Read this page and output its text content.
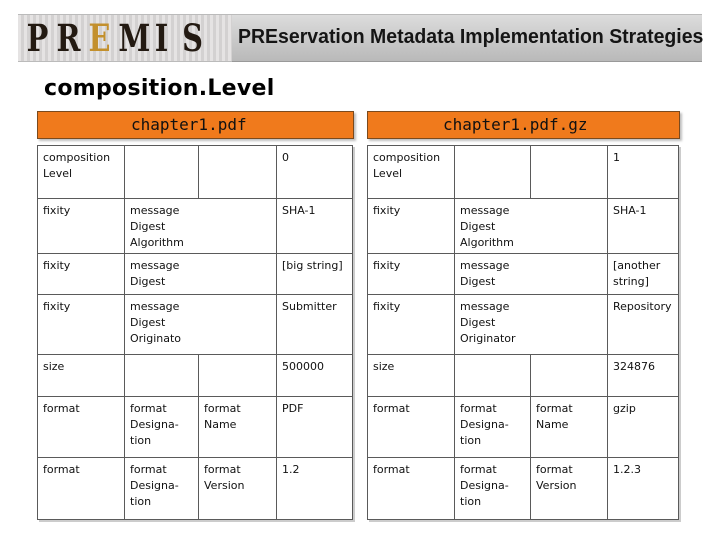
P R E M I S PREservation Metadata Implementation Strategies
composition.Level
chapter1.pdf	chapter1.pdf.gz
composition Level			0
fixity	message Digest Algorithm		SHA-1
fixity	message Digest		[big string]
fixity	message Digest Originato		Submitter
size			500000
format	format Designa-tion	format Name	PDF
format	format Designa-tion	format Version	1.2
composition Level			1
fixity	message Digest Algorithm		SHA-1
fixity	message Digest		[another string]
fixity	message Digest Originator		Repository
size			324876
format	format Designa-tion	format Name	gzip
format	format Designa-tion	format Version	1.2.3
